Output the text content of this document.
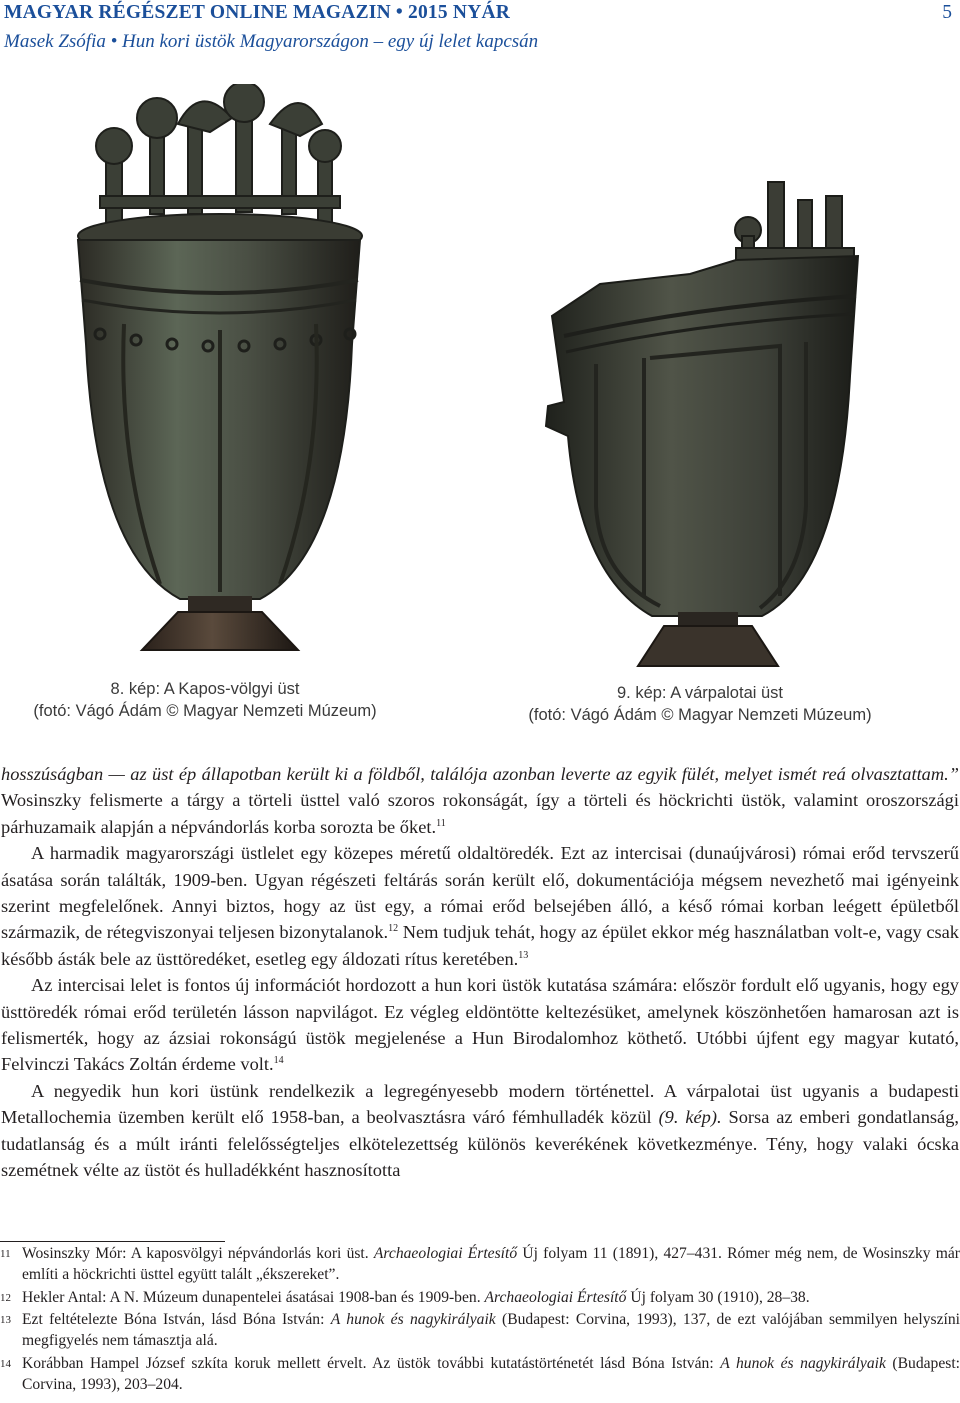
MAGYAR RÉGÉSZET ONLINE MAGAZIN • 2015 NYÁR	5
Masek Zsófia • Hun kori üstök Magyarországon – egy új lelet kapcsán
8. kép: A Kapos-völgyi üst
(fotó: Vágó Ádám © Magyar Nemzeti Múzeum)
9. kép: A várpalotai üst
(fotó: Vágó Ádám © Magyar Nemzeti Múzeum)

hosszúságban — az üst ép állapotban került ki a földből, találója azonban leverte az egyik fülét, melyet ismét reá olvasztattam.” Wosinszky felismerte a tárgy a törteli üsttel való szoros rokonságát, így a törteli és höckrichti üstök, valamint oroszországi párhuzamaik alapján a népvándorlás korba sorozta be őket.$^{11}$

A harmadik magyarországi üstlelet egy közepes méretű oldaltöredék. Ezt az intercisai (dunaújvárosi) római erőd tervszerű ásatása során találták, 1909-ben. Ugyan régészeti feltárás során került elő, dokumentációja mégsem nevezhető mai igényeink szerint megfelelőnek. Annyi biztos, hogy az üst egy, a római erőd belsejében álló, a késő római korban leégett épületből származik, de rétegviszonyai teljesen bizonytalanok.$^{12}$ Nem tudjuk tehát, hogy az épület ekkor még használatban volt-e, vagy csak később ásták bele az üsttöredéket, esetleg egy áldozati rítus keretében.$^{13}$

Az intercisai lelet is fontos új információt hordozott a hun kori üstök kutatása számára: először fordult elő ugyanis, hogy egy üsttöredék római erőd területén lásson napvilágot. Ez végleg eldöntötte keltezésüket, amelynek köszönhetően hamarosan azt is felismerték, hogy az ázsiai rokonságú üstök megjelenése a Hun Birodalomhoz köthető. Utóbbi újfent egy magyar kutató, Felvinczi Takács Zoltán érdeme volt.$^{14}$

A negyedik hun kori üstünk rendelkezik a legregényesebb modern történettel. A várpalotai üst ugyanis a budapesti Metallochemia üzemben került elő 1958-ban, a beolvasztásra váró fémhulladék közül (9. kép). Sorsa az emberi gondatlanság, tudatlanság és a múlt iránti felelősségteljes elkötelezettség különös keverékének következménye. Tény, hogy valaki ócska szemétnek vélte az üstöt és hulladékként hasznosította

11 Wosinszky Mór: A kaposvölgyi népvándorlás kori üst. Archaeologiai Értesítő Új folyam 11 (1891), 427–431. Rómer még nem, de Wosinszky már említi a höckrichti üsttel együtt talált „ékszereket”.
12 Hekler Antal: A N. Múzeum dunapentelei ásatásai 1908-ban és 1909-ben. Archaeologiai Értesítő Új folyam 30 (1910), 28–38.
13 Ezt feltételezte Bóna István, lásd Bóna István: A hunok és nagykirályaik (Budapest: Corvina, 1993), 137, de ezt valójában semmilyen helyszíni megfigyelés nem támasztja alá.
14 Korábban Hampel József szkíta koruk mellett érvelt. Az üstök további kutatástörténetét lásd Bóna István: A hunok és nagykirályaik (Budapest: Corvina, 1993), 203–204.
